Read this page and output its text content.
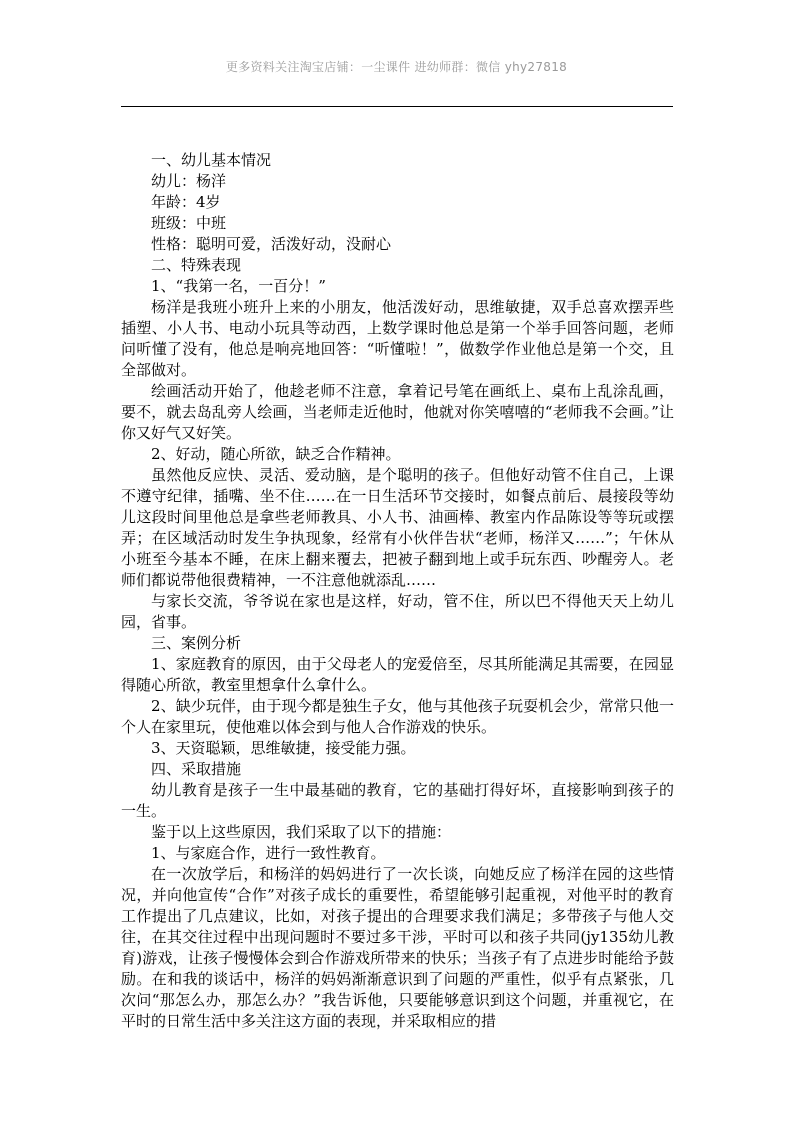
更多资料关注淘宝店铺：一尘课件 进幼师群：微信 yhy27818

一、幼儿基本情况

幼儿：杨洋

年龄：4岁

班级：中班

性格：聪明可爱，活泼好动，没耐心

二、特殊表现

1、“我第一名，一百分！”

杨洋是我班小班升上来的小朋友，他活泼好动，思维敏捷，双手总喜欢摆弄些插塑、小人书、电动小玩具等动西，上数学课时他总是第一个举手回答问题，老师问听懂了没有，他总是响亮地回答：“听懂啦！”，做数学作业他总是第一个交，且全部做对。

绘画活动开始了，他趁老师不注意，拿着记号笔在画纸上、桌布上乱涂乱画，要不，就去岛乱旁人绘画，当老师走近他时，他就对你笑嘻嘻的“老师我不会画。”让你又好气又好笑。

2、好动，随心所欲，缺乏合作精神。

虽然他反应快、灵活、爱动脑，是个聪明的孩子。但他好动管不住自己，上课不遵守纪律，插嘴、坐不住……在一日生活环节交接时，如餐点前后、晨接段等幼儿这段时间里他总是拿些老师教具、小人书、油画棒、教室内作品陈设等等玩或摆弄；在区域活动时发生争执现象，经常有小伙伴告状“老师，杨洋又……”；午休从小班至今基本不睡，在床上翻来覆去，把被子翻到地上或手玩东西、吵醒旁人。老师们都说带他很费精神，一不注意他就添乱……

与家长交流，爷爷说在家也是这样，好动，管不住，所以巴不得他天天上幼儿园，省事。

三、案例分析

1、家庭教育的原因，由于父母老人的宠爱倍至，尽其所能满足其需要，在园显得随心所欲，教室里想拿什么拿什么。

2、缺少玩伴，由于现今都是独生子女，他与其他孩子玩耍机会少，常常只他一个人在家里玩，使他难以体会到与他人合作游戏的快乐。

3、天资聪颖，思维敏捷，接受能力强。

四、采取措施

幼儿教育是孩子一生中最基础的教育，它的基础打得好坏，直接影响到孩子的一生。

鉴于以上这些原因，我们采取了以下的措施：

1、与家庭合作，进行一致性教育。

在一次放学后，和杨洋的妈妈进行了一次长谈，向她反应了杨洋在园的这些情况，并向他宣传“合作”对孩子成长的重要性，希望能够引起重视，对他平时的教育工作提出了几点建议，比如，对孩子提出的合理要求我们满足；多带孩子与他人交往，在其交往过程中出现问题时不要过多干涉，平时可以和孩子共同(jy135幼儿教育)游戏，让孩子慢慢体会到合作游戏所带来的快乐；当孩子有了点进步时能给予鼓励。在和我的谈话中，杨洋的妈妈渐渐意识到了问题的严重性，似乎有点紧张，几次问“那怎么办，那怎么办？”我告诉他，只要能够意识到这个问题，并重视它，在平时的日常生活中多关注这方面的表现，并采取相应的措
